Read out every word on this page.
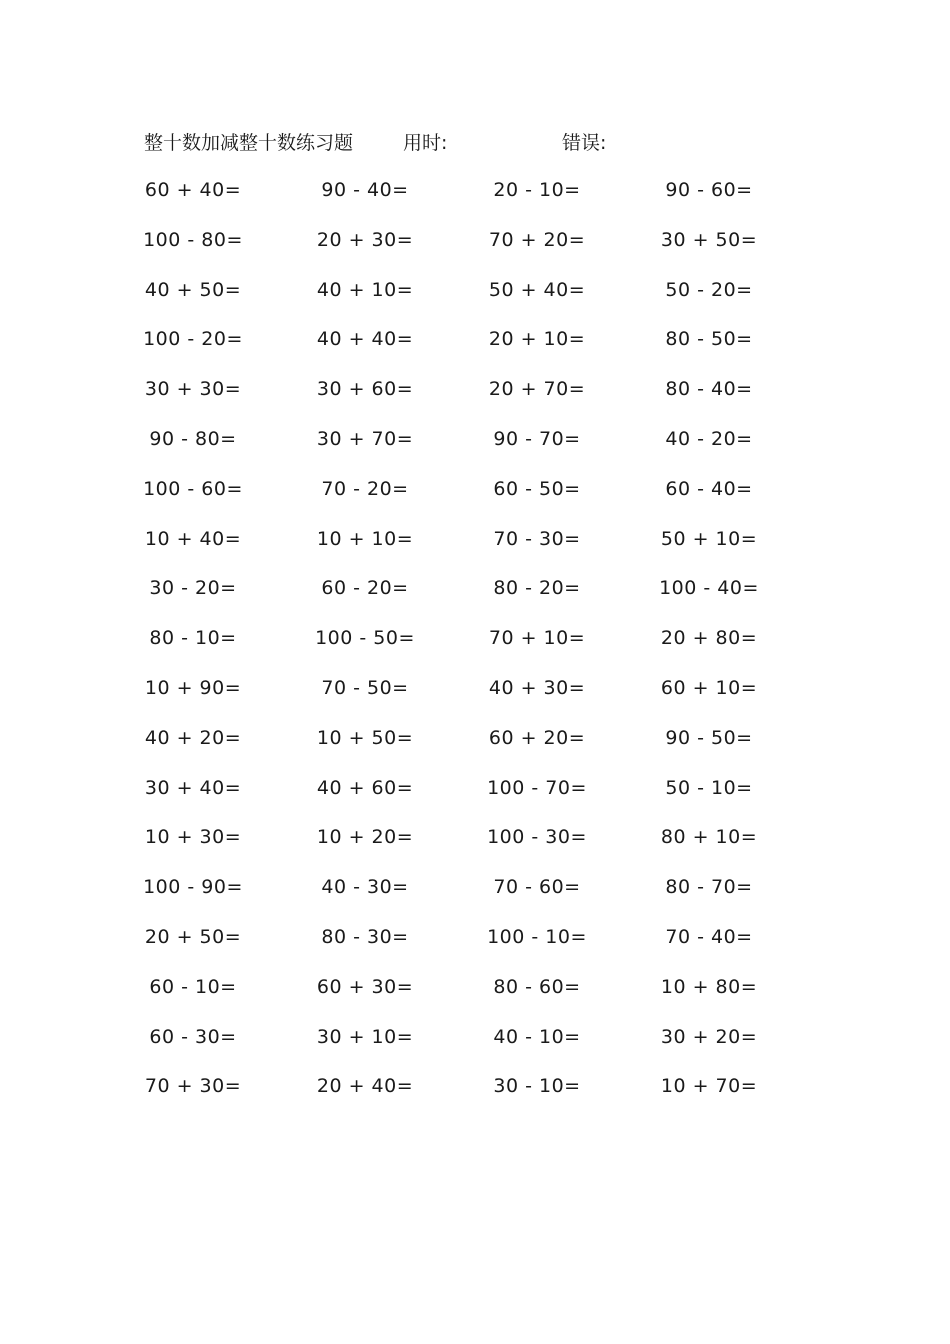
整十数加减整十数练习题	用时:	错误:
60 + 40=	90 - 40=	20 - 10=	90 - 60=
100 - 80=	20 + 30=	70 + 20=	30 + 50=
40 + 50=	40 + 10=	50 + 40=	50 - 20=
100 - 20=	40 + 40=	20 + 10=	80 - 50=
30 + 30=	30 + 60=	20 + 70=	80 - 40=
90 - 80=	30 + 70=	90 - 70=	40 - 20=
100 - 60=	70 - 20=	60 - 50=	60 - 40=
10 + 40=	10 + 10=	70 - 30=	50 + 10=
30 - 20=	60 - 20=	80 - 20=	100 - 40=
80 - 10=	100 - 50=	70 + 10=	20 + 80=
10 + 90=	70 - 50=	40 + 30=	60 + 10=
40 + 20=	10 + 50=	60 + 20=	90 - 50=
30 + 40=	40 + 60=	100 - 70=	50 - 10=
10 + 30=	10 + 20=	100 - 30=	80 + 10=
100 - 90=	40 - 30=	70 - 60=	80 - 70=
20 + 50=	80 - 30=	100 - 10=	70 - 40=
60 - 10=	60 + 30=	80 - 60=	10 + 80=
60 - 30=	30 + 10=	40 - 10=	30 + 20=
70 + 30=	20 + 40=	30 - 10=	10 + 70=
